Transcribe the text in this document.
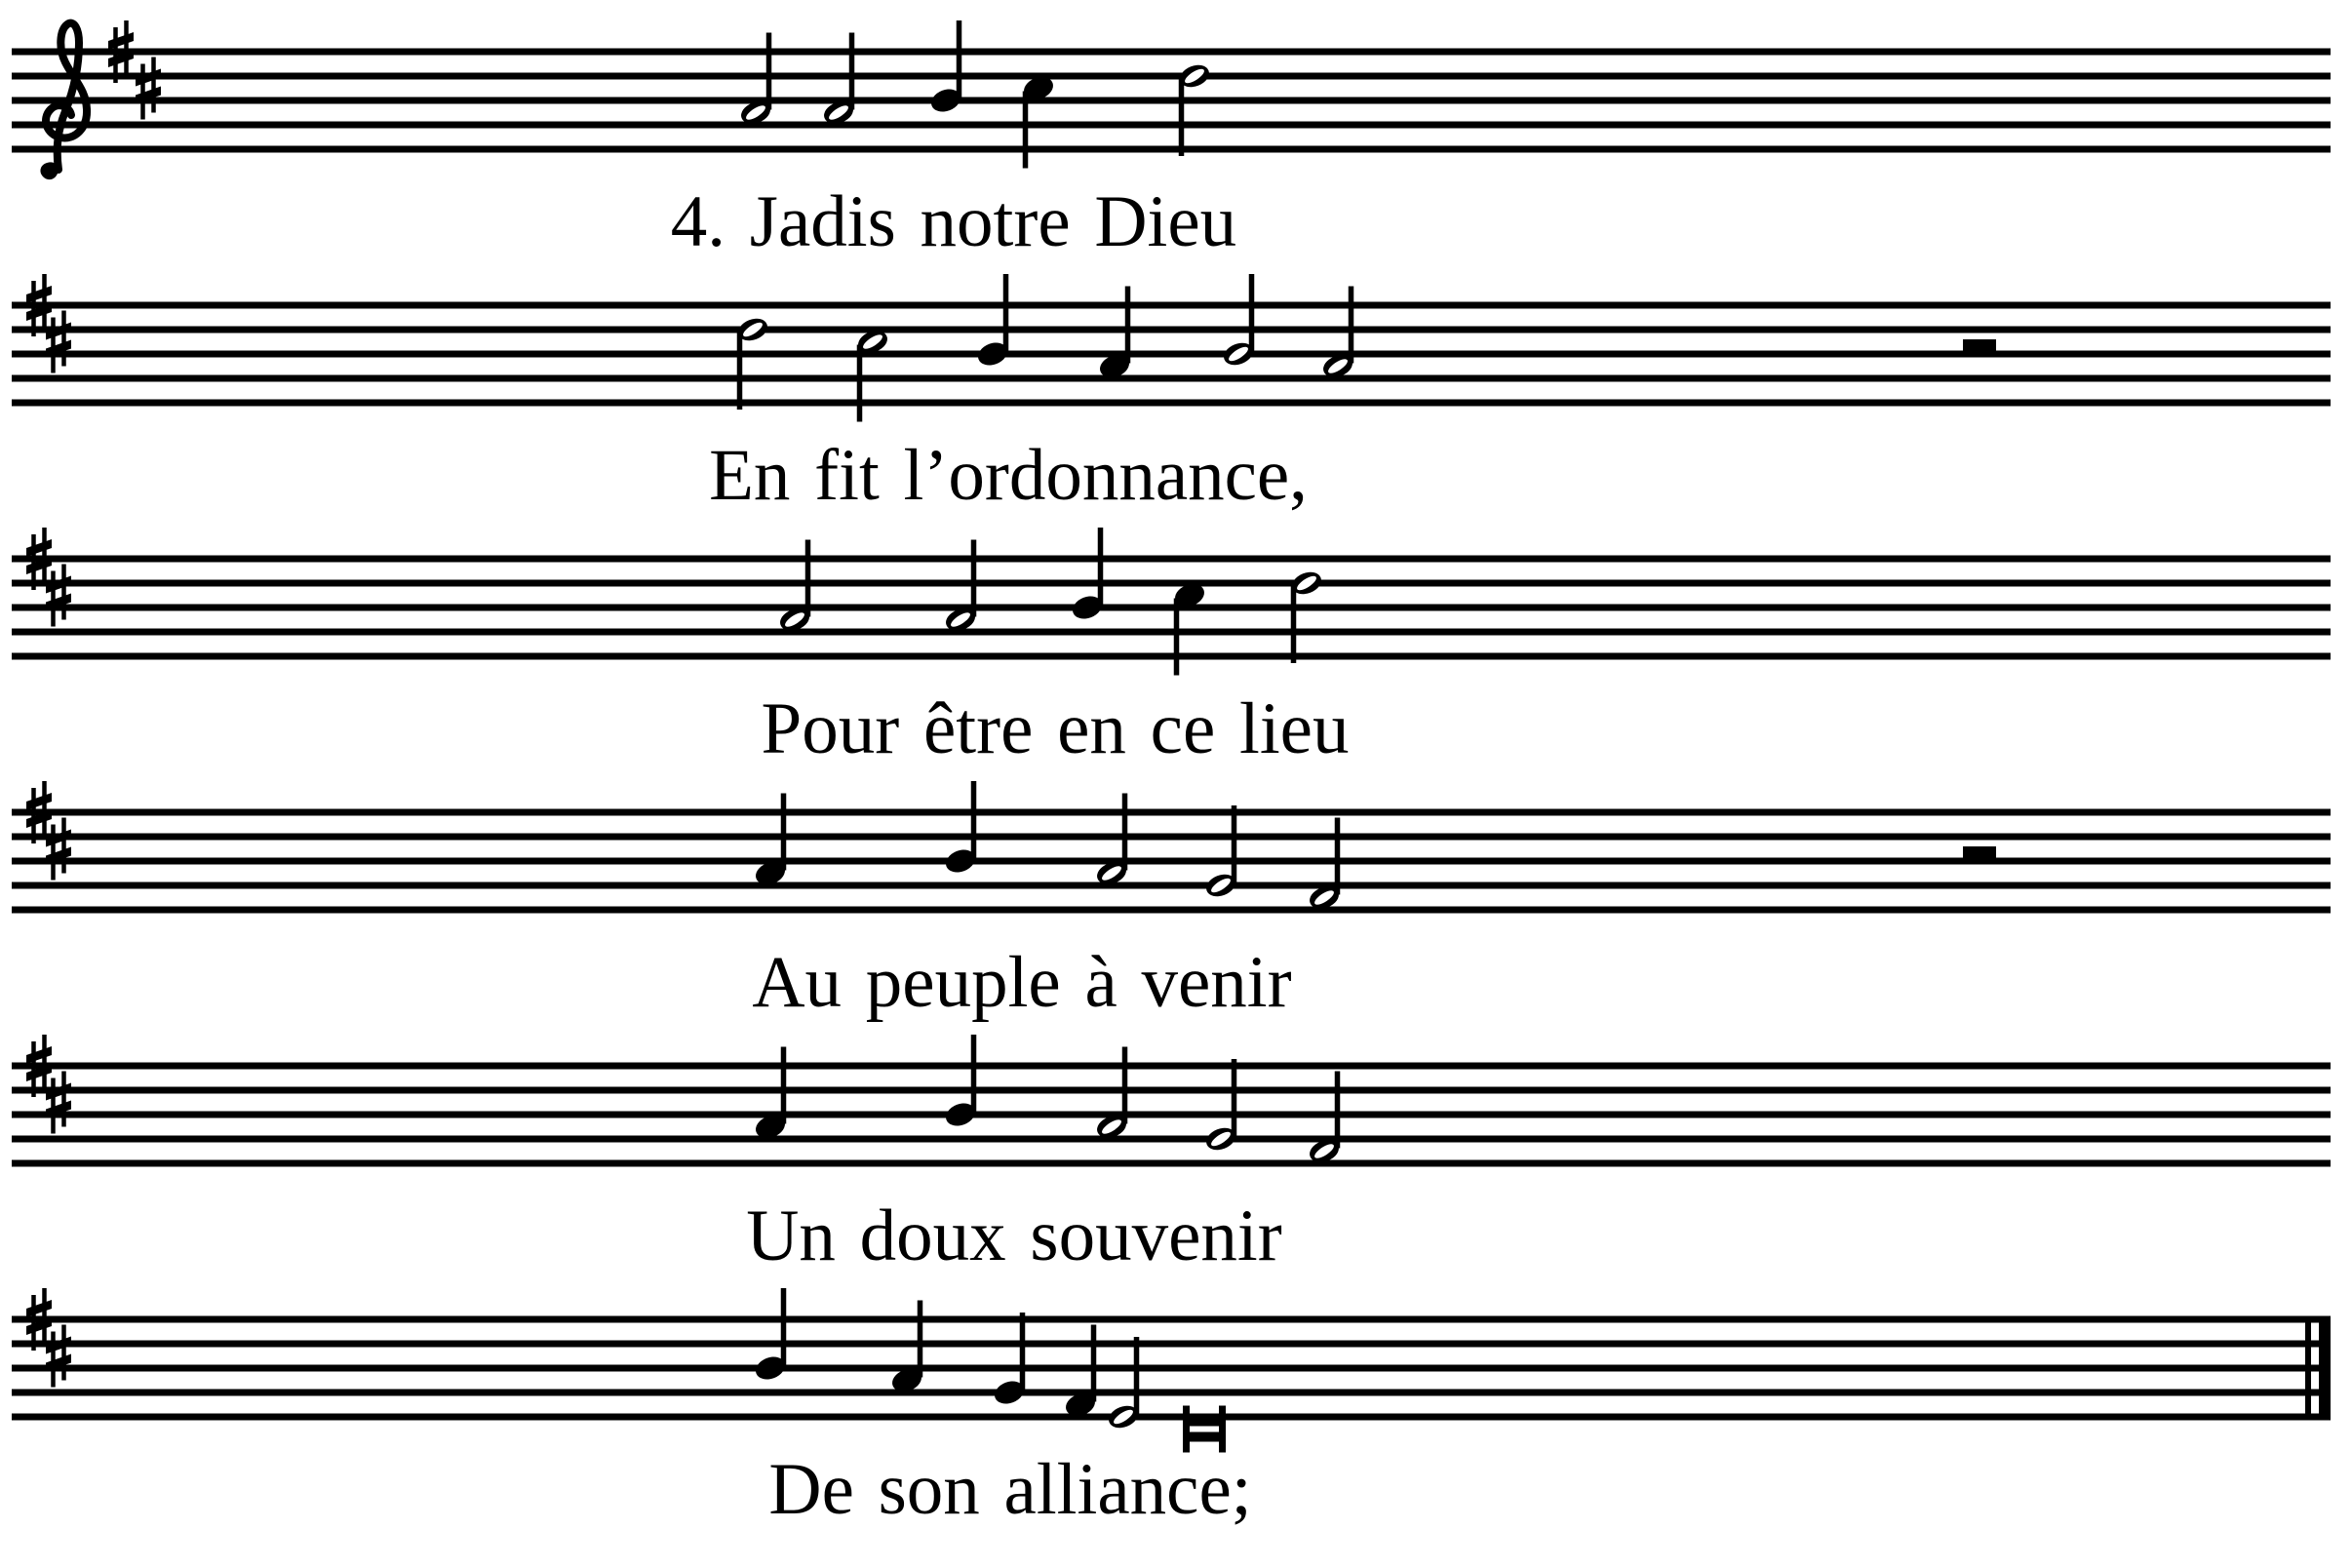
4. Jadis notre Dieu
En fit l’ordonnance,
Pour être en ce lieu
Au peuple à venir
Un doux souvenir
De son alliance;
